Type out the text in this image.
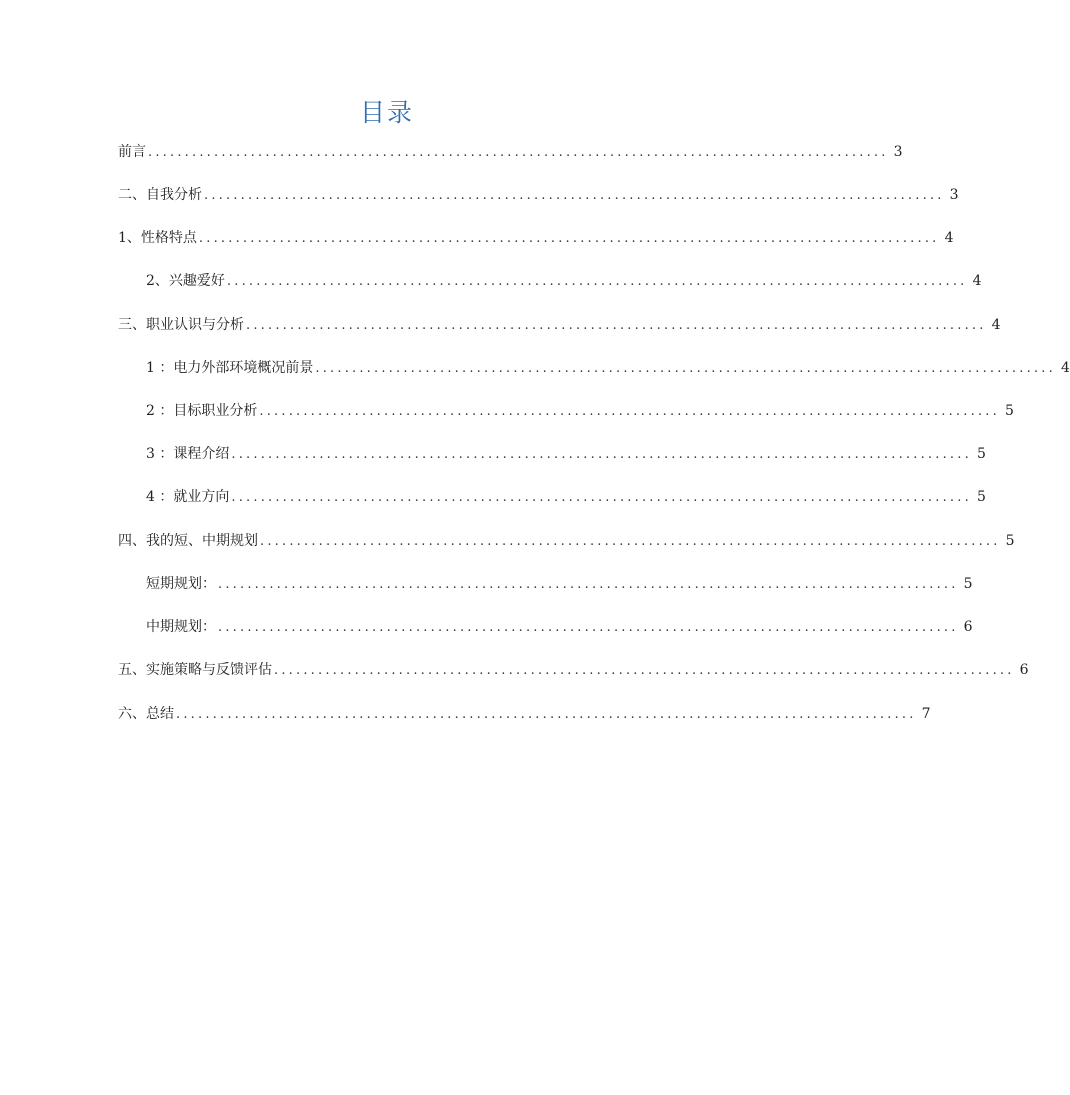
目录
前言 ..................................................................................................... 3
二、自我分析 ..................................................................................................... 3
1、性格特点 ..................................................................................................... 4
2、兴趣爱好 ..................................................................................................... 4
三、职业认识与分析 ..................................................................................................... 4
1 ：电力外部环境概况前景 ..................................................................................................... 4
2 ：目标职业分析 ..................................................................................................... 5
3 ：课程介绍 ..................................................................................................... 5
4 ：就业方向 ..................................................................................................... 5
四、我的短、中期规划 ..................................................................................................... 5
短期规划： ..................................................................................................... 5
中期规划： ..................................................................................................... 6
五、实施策略与反馈评估 ..................................................................................................... 6
六、总结 ..................................................................................................... 7
